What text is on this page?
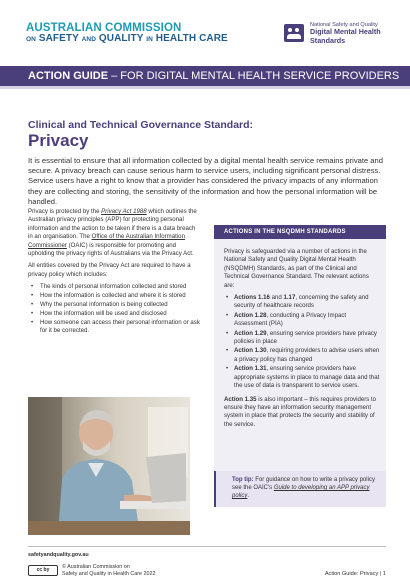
AUSTRALIAN COMMISSION
ON SAFETY AND QUALITY IN HEALTH CARE
National Safety and Quality
Digital Mental Health
Standards
ACTION GUIDE – FOR DIGITAL MENTAL HEALTH SERVICE PROVIDERS
Clinical and Technical Governance Standard:
Privacy

It is essential to ensure that all information collected by a digital mental health service remains private and secure. A privacy breach can cause serious harm to service users, including significant personal distress. Service users have a right to know that a provider has considered the privacy impacts of any information they are collecting and storing, the sensitivity of the information and how the personal information will be handled.

Privacy is protected by the Privacy Act 1988 which outlines the Australian privacy principles (APP) for protecting personal information and the action to be taken if there is a data breach in an organisation. The Office of the Australian Information Commissioner (OAIC) is responsible for promoting and upholding the privacy rights of Australians via the Privacy Act.

All entities covered by the Privacy Act are required to have a privacy policy which includes:

• The kinds of personal information collected and stored
• How the information is collected and where it is stored
• Why the personal information is being collected
• How the information will be used and disclosed
• How someone can access their personal information or ask for it be corrected.
ACTIONS IN THE NSQDMH STANDARDS

Privacy is safeguarded via a number of actions in the National Safety and Quality Digital Mental Health (NSQDMH) Standards, as part of the Clinical and Technical Governance Standard. The relevant actions are:

• Actions 1.16 and 1.17, concerning the safety and security of healthcare records
• Action 1.28, conducting a Privacy Impact Assessment (PIA)
• Action 1.29, ensuring service providers have privacy policies in place
• Action 1.30, requiring providers to advise users when a privacy policy has changed
• Action 1.31, ensuring service providers have appropriate systems in place to manage data and that the use of data is transparent to service users.

Action 1.35 is also important – this requires providers to ensure they have an information security management system in place that protects the security and stability of the service.

Top tip: For guidance on how to write a privacy policy see the OAIC's Guide to developing an APP privacy policy.
safetyandquality.gov.au
cc by	© Australian Commission on
Safety and Quality in Health Care 2022	Action Guide: Privacy | 1
